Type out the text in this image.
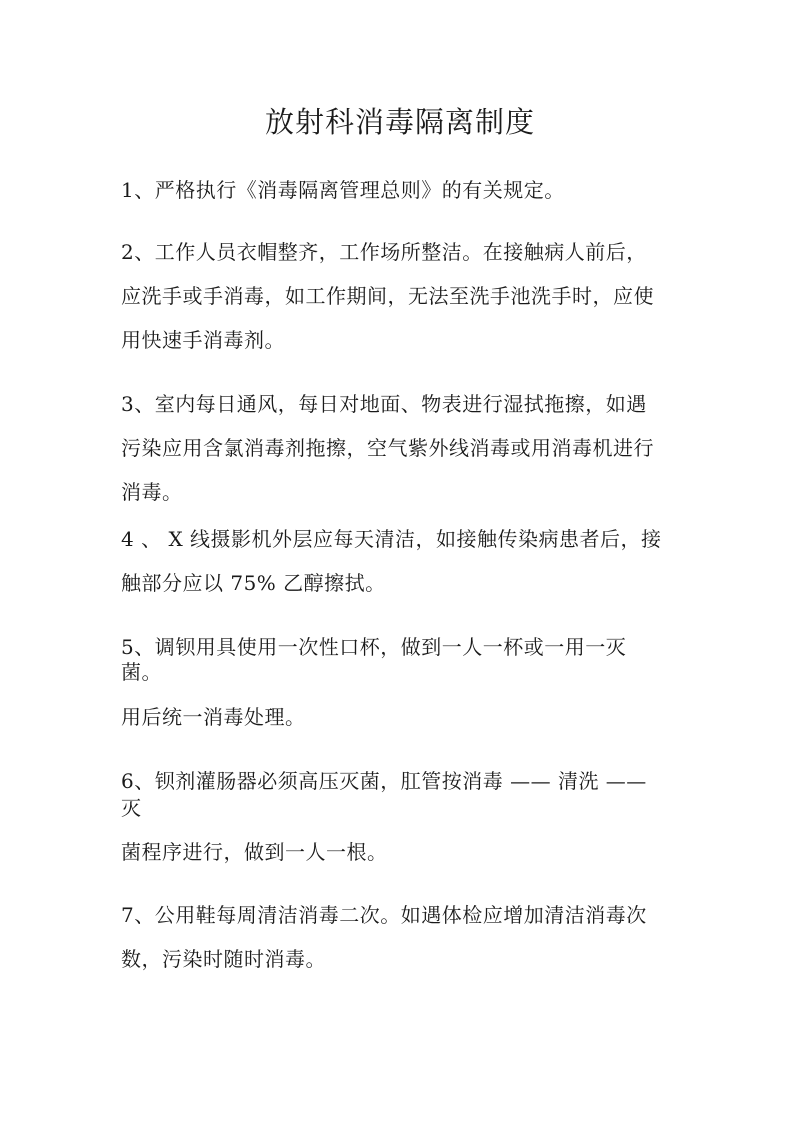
放射科消毒隔离制度
1、严格执行《消毒隔离管理总则》的有关规定。
2、工作人员衣帽整齐，工作场所整洁。在接触病人前后，
应洗手或手消毒，如工作期间，无法至洗手池洗手时，应使
用快速手消毒剂。
3、室内每日通风，每日对地面、物表进行湿拭拖擦，如遇
污染应用含氯消毒剂拖擦，空气紫外线消毒或用消毒机进行
消毒。
4 、 X 线摄影机外层应每天清洁，如接触传染病患者后，接
触部分应以 75% 乙醇擦拭。
5、调钡用具使用一次性口杯，做到一人一杯或一用一灭
菌。
用后统一消毒处理。
6、钡剂灌肠器必须高压灭菌，肛管按消毒 —— 清洗 ——
灭
菌程序进行，做到一人一根。
7、公用鞋每周清洁消毒二次。如遇体检应增加清洁消毒次
数，污染时随时消毒。
